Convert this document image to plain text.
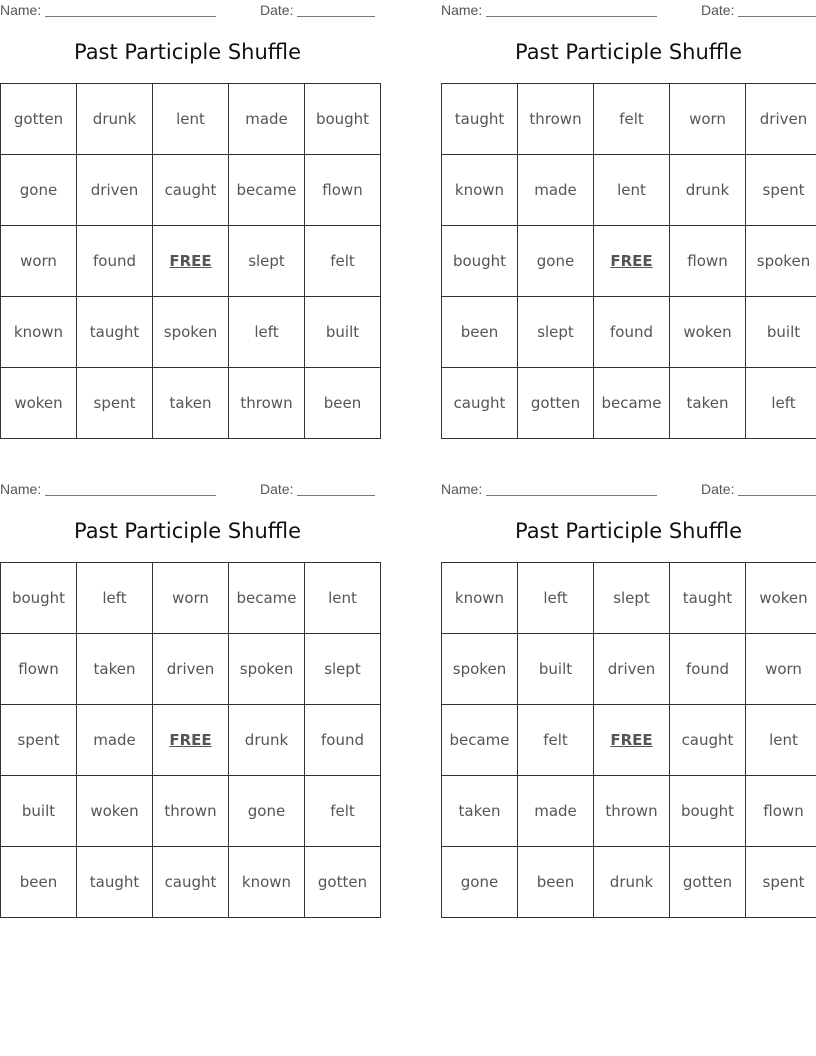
Name:	Date:
Past Participle Shuffle
gotten	drunk	lent	made	bought
gone	driven	caught	became	flown
worn	found	FREE	slept	felt
known	taught	spoken	left	built
woken	spent	taken	thrown	been
Name:	Date:
Past Participle Shuffle
taught	thrown	felt	worn	driven
known	made	lent	drunk	spent
bought	gone	FREE	flown	spoken
been	slept	found	woken	built
caught	gotten	became	taken	left
Name:	Date:
Past Participle Shuffle
bought	left	worn	became	lent
flown	taken	driven	spoken	slept
spent	made	FREE	drunk	found
built	woken	thrown	gone	felt
been	taught	caught	known	gotten
Name:	Date:
Past Participle Shuffle
known	left	slept	taught	woken
spoken	built	driven	found	worn
became	felt	FREE	caught	lent
taken	made	thrown	bought	flown
gone	been	drunk	gotten	spent
